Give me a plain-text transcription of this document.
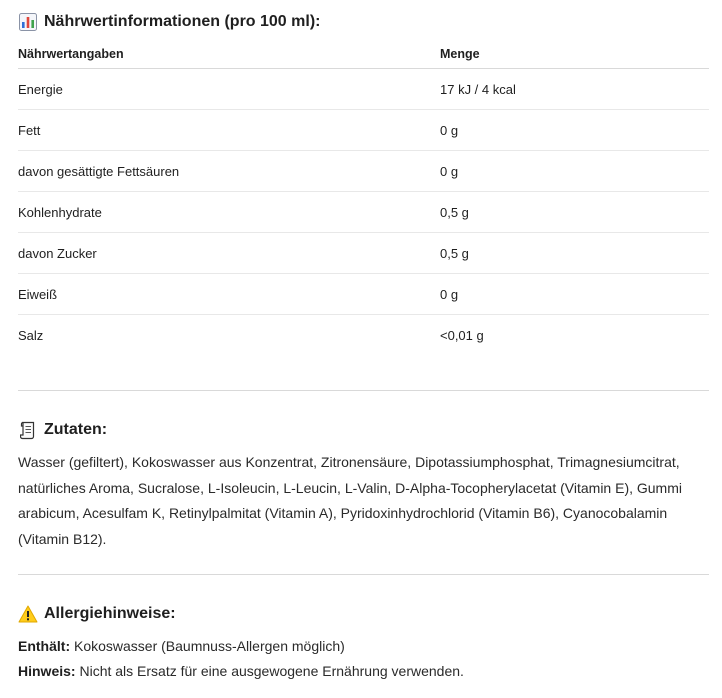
Nährwertinformationen (pro 100 ml):
Nährwertangaben	Menge
Energie	17 kJ / 4 kcal
Fett	0 g
davon gesättigte Fettsäuren	0 g
Kohlenhydrate	0,5 g
davon Zucker	0,5 g
Eiweiß	0 g
Salz	<0,01 g
Zutaten:
Wasser (gefiltert), Kokoswasser aus Konzentrat, Zitronensäure, Dipotassiumphosphat, Trimagnesiumcitrat, natürliches Aroma, Sucralose, L-Isoleucin, L-Leucin, L-Valin, D-Alpha-Tocopherylacetat (Vitamin E), Gummi arabicum, Acesulfam K, Retinylpalmitat (Vitamin A), Pyridoxinhydrochlorid (Vitamin B6), Cyanocobalamin (Vitamin B12).
Allergiehinweise:
Enthält: Kokoswasser (Baumnuss-Allergen möglich)
Hinweis: Nicht als Ersatz für eine ausgewogene Ernährung verwenden.
